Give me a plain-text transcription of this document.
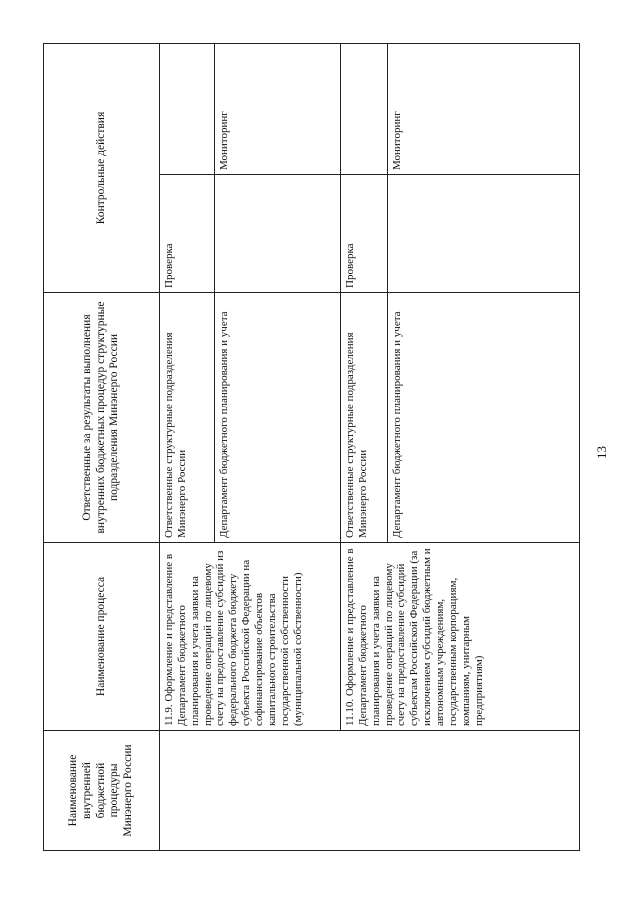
13
Наименование внутренней бюджетной процедуры Минэнерго России	Наименование процесса	Ответственные за результаты выполнения внутренних бюджетных процедур структурные подразделения Минэнерго России	Контрольные действия	
	11.9. Оформление и представление в Департамент бюджетного планирования и учета заявки на проведение операций по лицевому счету на предоставление субсидий из федерального бюджета бюджету субъекта Российской Федерации на софинансирование объектов капитального строительства государственной собственности (муниципальной собственности)	Ответственные структурные подразделения Минэнерго России	Проверка	
		Департамент бюджетного планирования и учета		Мониторинг
	11.10. Оформление и представление в Департамент бюджетного планирования и учета заявки на проведение операций по лицевому счету на предоставление субсидий субъектам Российской Федерации (за исключением субсидий бюджетным и автономным учреждениям, государственным корпорациям, компаниям, унитарным предприятиям)	Ответственные структурные подразделения Минэнерго России	Проверка	
		Департамент бюджетного планирования и учета		Мониторинг
